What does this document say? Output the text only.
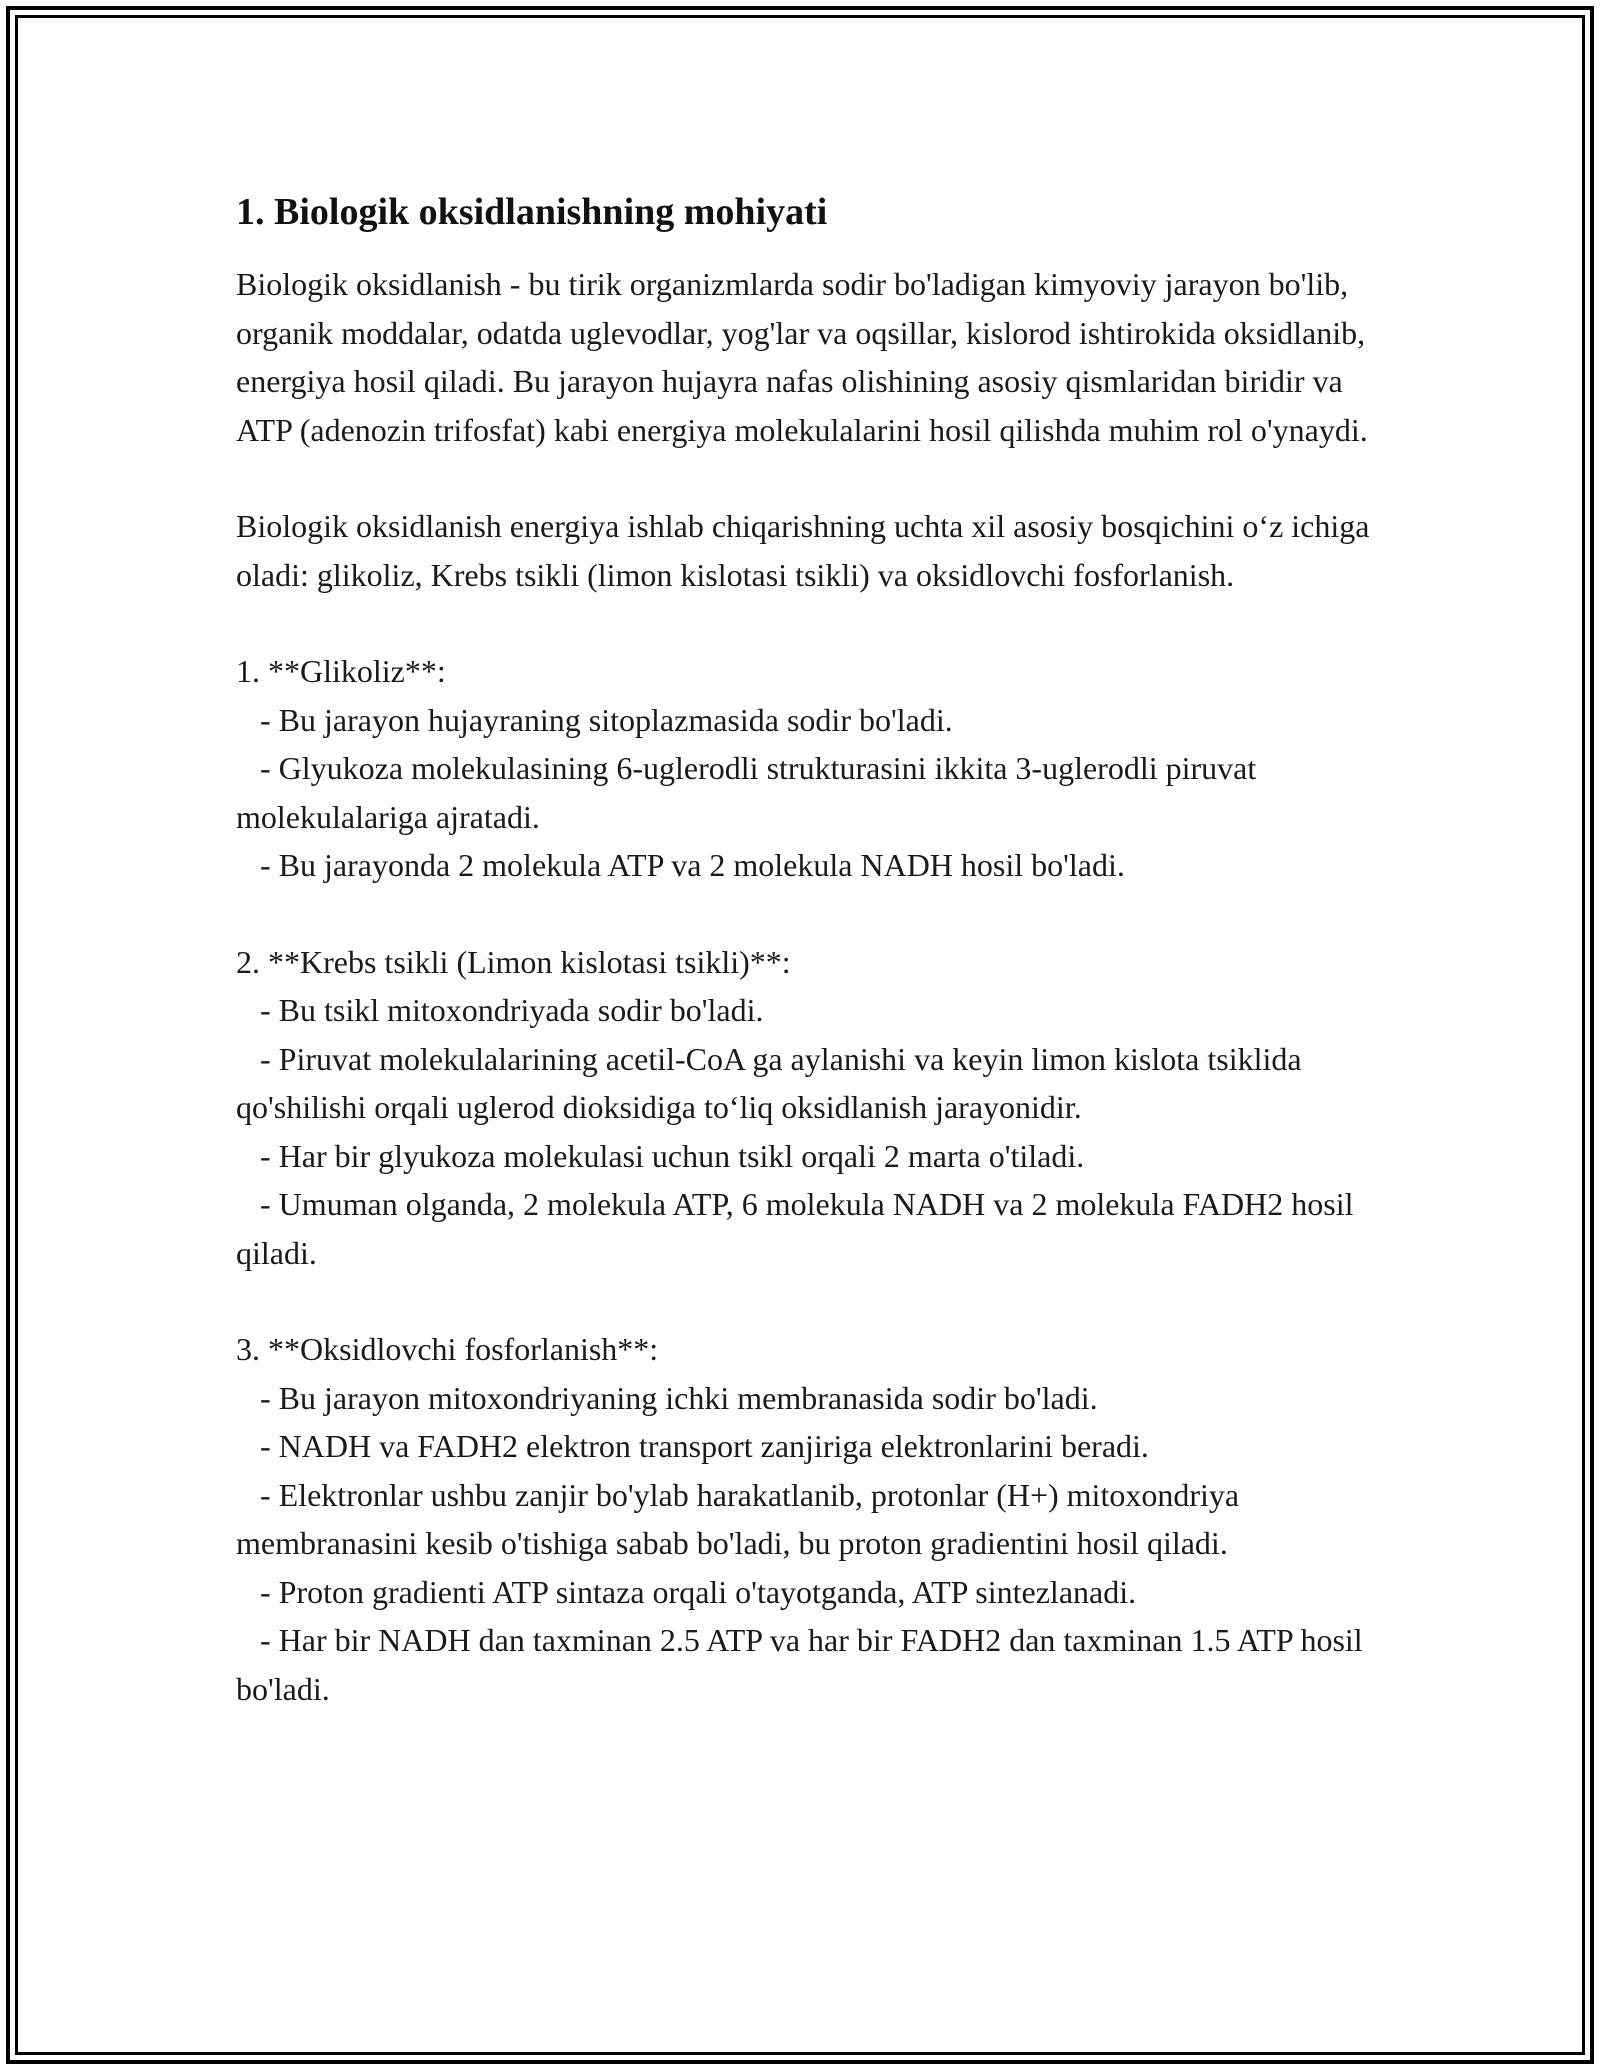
1. Biologik oksidlanishning mohiyati

Biologik oksidlanish - bu tirik organizmlarda sodir bo'ladigan kimyoviy jarayon bo'lib, organik moddalar, odatda uglevodlar, yog'lar va oqsillar, kislorod ishtirokida oksidlanib, energiya hosil qiladi. Bu jarayon hujayra nafas olishining asosiy qismlaridan biridir va ATP (adenozin trifosfat) kabi energiya molekulalarini hosil qilishda muhim rol o'ynaydi.

Biologik oksidlanish energiya ishlab chiqarishning uchta xil asosiy bosqichini o‘z ichiga oladi: glikoliz, Krebs tsikli (limon kislotasi tsikli) va oksidlovchi fosforlanish.

1. **Glikoliz**:

- Bu jarayon hujayraning sitoplazmasida sodir bo'ladi.

- Glyukoza molekulasining 6-uglerodli strukturasini ikkita 3-uglerodli piruvat molekulalariga ajratadi.

- Bu jarayonda 2 molekula ATP va 2 molekula NADH hosil bo'ladi.

2. **Krebs tsikli (Limon kislotasi tsikli)**:

- Bu tsikl mitoxondriyada sodir bo'ladi.

- Piruvat molekulalarining acetil-CoA ga aylanishi va keyin limon kislota tsiklida qo'shilishi orqali uglerod dioksidiga to‘liq oksidlanish jarayonidir.

- Har bir glyukoza molekulasi uchun tsikl orqali 2 marta o'tiladi.

- Umuman olganda, 2 molekula ATP, 6 molekula NADH va 2 molekula FADH2 hosil qiladi.

3. **Oksidlovchi fosforlanish**:

- Bu jarayon mitoxondriyaning ichki membranasida sodir bo'ladi.

- NADH va FADH2 elektron transport zanjiriga elektronlarini beradi.

- Elektronlar ushbu zanjir bo'ylab harakatlanib, protonlar (H+) mitoxondriya membranasini kesib o'tishiga sabab bo'ladi, bu proton gradientini hosil qiladi.

- Proton gradienti ATP sintaza orqali o'tayotganda, ATP sintezlanadi.

- Har bir NADH dan taxminan 2.5 ATP va har bir FADH2 dan taxminan 1.5 ATP hosil bo'ladi.
